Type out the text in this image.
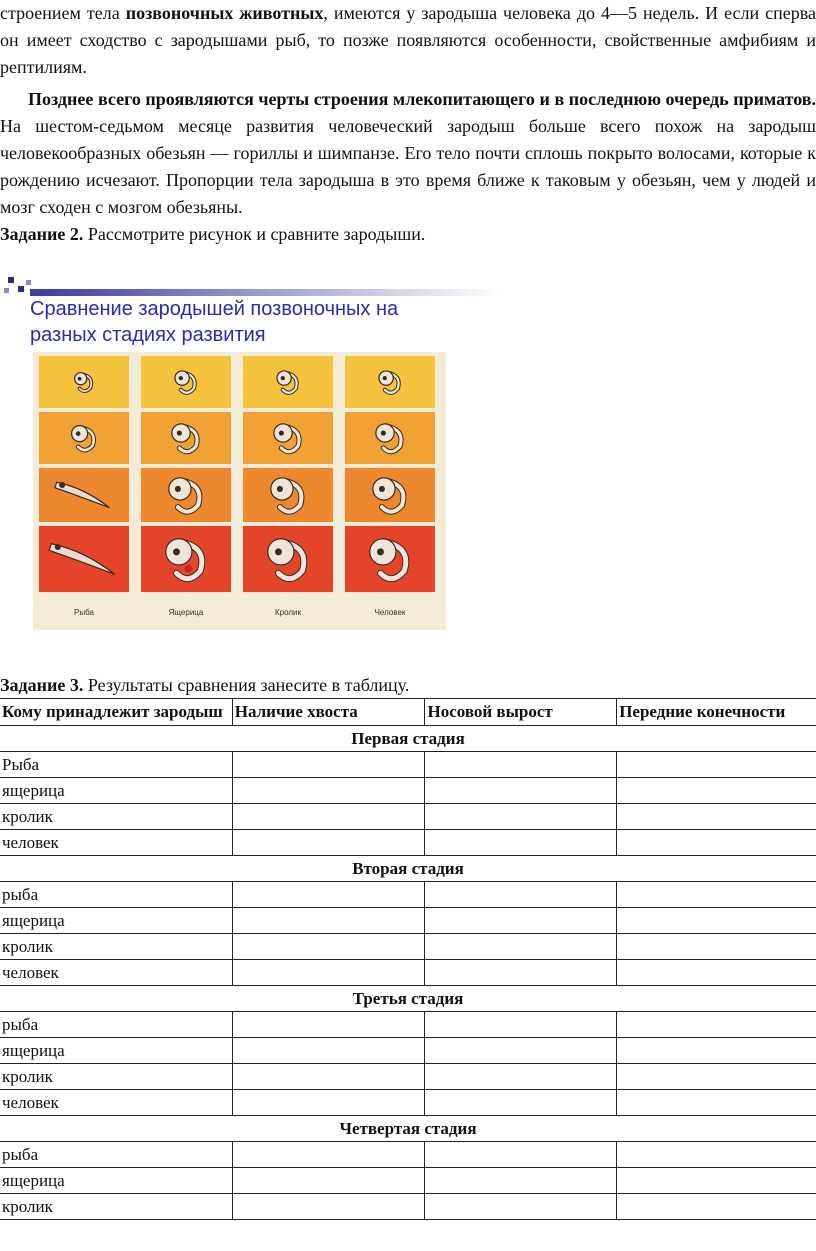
строением тела позвоночных животных, имеются у зародыша человека до 4—5 недель. И если сперва он имеет сходство с зародышами рыб, то позже появляются особенности, свойственные амфибиям и рептилиям.

Позднее всего проявляются черты строения млекопитающего и в последнюю очередь приматов. На шестом-седьмом месяце развития человеческий зародыш больше всего похож на зародыш человекообразных обезьян — гориллы и шимпанзе. Его тело почти сплошь покрыто волосами, которые к рождению исчезают. Пропорции тела зародыша в это время ближе к таковым у обезьян, чем у людей и мозг сходен с мозгом обезьяны.

Задание 2. Рассмотрите рисунок и сравните зародыши.

Сравнение зародышей позвоночных на разных стадиях развития
Рыба	Ящерица	Кролик	Человек
Задание 3. Результаты сравнения занесите в таблицу.
Кому принадлежит зародыш	Наличие хвоста	Носовой вырост	Передние конечности
Первая стадия			
Рыба			
ящерица			
кролик			
человек			
Вторая стадия			
рыба			
ящерица			
кролик			
человек			
Третья стадия			
рыба			
ящерица			
кролик			
человек			
Четвертая стадия			
рыба			
ящерица			
кролик			
